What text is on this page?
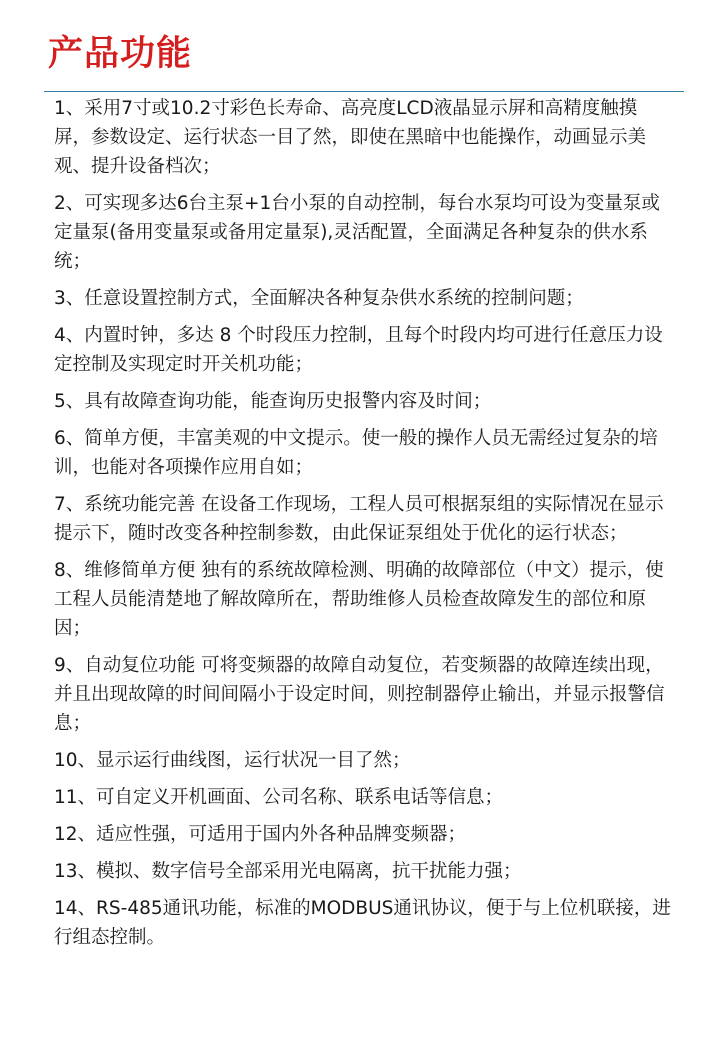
产品功能
1、采用7寸或10.2寸彩色长寿命、高亮度LCD液晶显示屏和高精度触摸屏，参数设定、运行状态一目了然，即使在黑暗中也能操作，动画显示美观、提升设备档次；
2、可实现多达6台主泵+1台小泵的自动控制，每台水泵均可设为变量泵或定量泵(备用变量泵或备用定量泵),灵活配置，全面满足各种复杂的供水系统；
3、任意设置控制方式，全面解决各种复杂供水系统的控制问题；
4、内置时钟，多达 8 个时段压力控制，且每个时段内均可进行任意压力设定控制及实现定时开关机功能；
5、具有故障查询功能，能查询历史报警内容及时间；
6、简单方便，丰富美观的中文提示。使一般的操作人员无需经过复杂的培训，也能对各项操作应用自如；
7、系统功能完善 在设备工作现场，工程人员可根据泵组的实际情况在显示提示下，随时改变各种控制参数，由此保证泵组处于优化的运行状态；
8、维修简单方便 独有的系统故障检测、明确的故障部位（中文）提示，使工程人员能清楚地了解故障所在，帮助维修人员检查故障发生的部位和原因；
9、自动复位功能 可将变频器的故障自动复位，若变频器的故障连续出现，并且出现故障的时间间隔小于设定时间，则控制器停止输出，并显示报警信息；
10、显示运行曲线图，运行状况一目了然；
11、可自定义开机画面、公司名称、联系电话等信息；
12、适应性强，可适用于国内外各种品牌变频器；
13、模拟、数字信号全部采用光电隔离，抗干扰能力强；
14、RS-485通讯功能，标准的MODBUS通讯协议，便于与上位机联接，进行组态控制。
